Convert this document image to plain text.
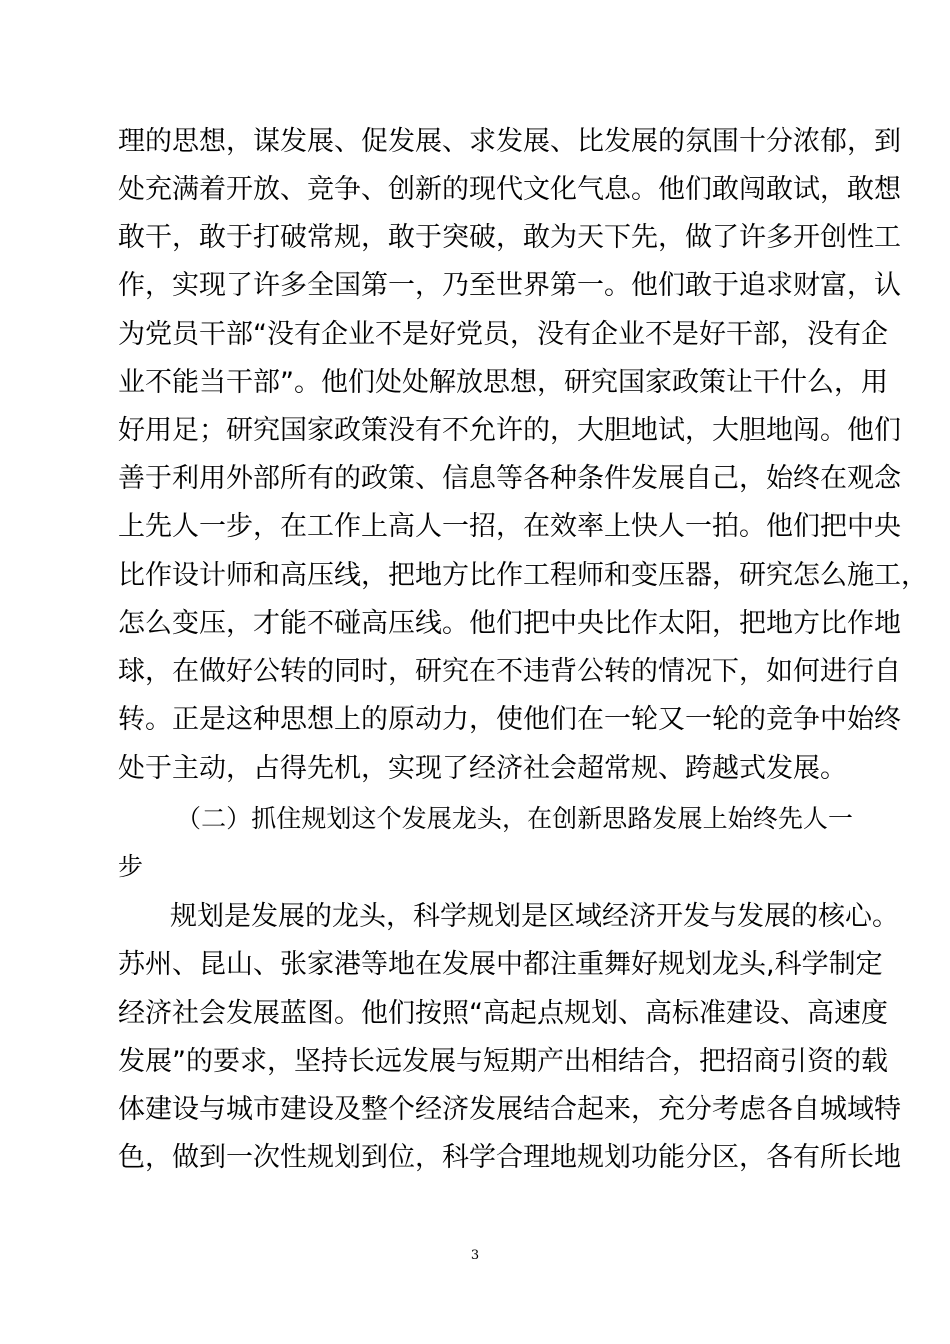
理的思想，谋发展、促发展、求发展、比发展的氛围十分浓郁，到
处充满着开放、竞争、创新的现代文化气息。他们敢闯敢试，敢想
敢干，敢于打破常规，敢于突破，敢为天下先，做了许多开创性工
作，实现了许多全国第一，乃至世界第一。他们敢于追求财富，认
为党员干部“没有企业不是好党员，没有企业不是好干部，没有企
业不能当干部”。他们处处解放思想，研究国家政策让干什么，用
好用足；研究国家政策没有不允许的，大胆地试，大胆地闯。他们
善于利用外部所有的政策、信息等各种条件发展自己，始终在观念
上先人一步，在工作上高人一招，在效率上快人一拍。他们把中央
比作设计师和高压线，把地方比作工程师和变压器，研究怎么施工，
怎么变压，才能不碰高压线。他们把中央比作太阳，把地方比作地
球，在做好公转的同时，研究在不违背公转的情况下，如何进行自
转。正是这种思想上的原动力，使他们在一轮又一轮的竞争中始终
处于主动，占得先机，实现了经济社会超常规、跨越式发展。
（二）抓住规划这个发展龙头，在创新思路发展上始终先人一
步
规划是发展的龙头，科学规划是区域经济开发与发展的核心。
苏州、昆山、张家港等地在发展中都注重舞好规划龙头,科学制定
经济社会发展蓝图。他们按照“高起点规划、高标准建设、高速度
发展”的要求，坚持长远发展与短期产出相结合，把招商引资的载
体建设与城市建设及整个经济发展结合起来，充分考虑各自城域特
色，做到一次性规划到位，科学合理地规划功能分区，各有所长地
3
